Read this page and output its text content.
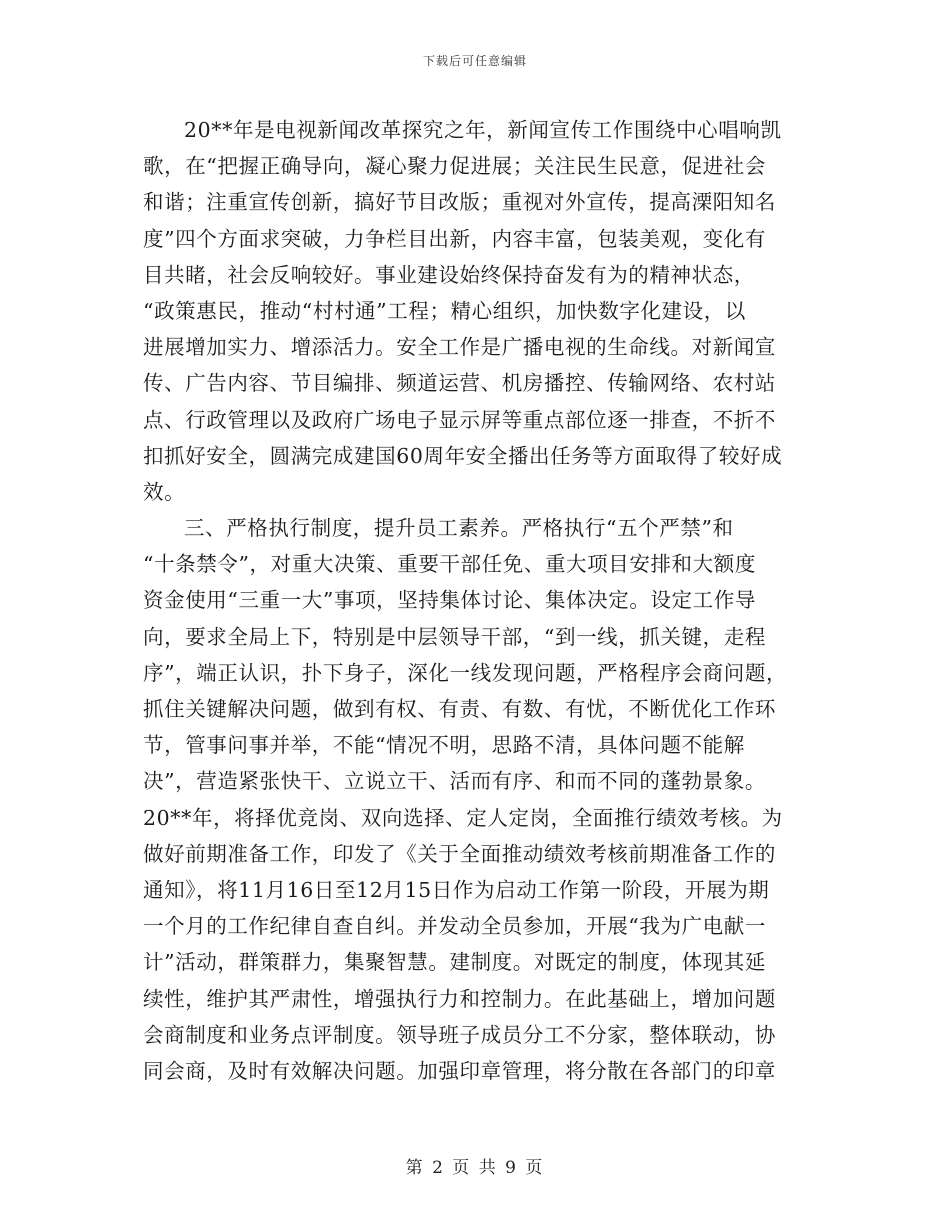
下载后可任意编辑
20**年是电视新闻改革探究之年，新闻宣传工作围绕中心唱响凯
歌，在“把握正确导向，凝心聚力促进展；关注民生民意，促进社会
和谐；注重宣传创新，搞好节目改版；重视对外宣传，提高溧阳知名
度”四个方面求突破，力争栏目出新，内容丰富，包装美观，变化有
目共睹，社会反响较好。事业建设始终保持奋发有为的精神状态，
“政策惠民，推动“村村通”工程；精心组织，加快数字化建设，以
进展增加实力、增添活力。安全工作是广播电视的生命线。对新闻宣
传、广告内容、节目编排、频道运营、机房播控、传输网络、农村站
点、行政管理以及政府广场电子显示屏等重点部位逐一排查，不折不
扣抓好安全，圆满完成建国60周年安全播出任务等方面取得了较好成
效。
三、严格执行制度，提升员工素养。严格执行“五个严禁”和
“十条禁令”，对重大决策、重要干部任免、重大项目安排和大额度
资金使用“三重一大”事项，坚持集体讨论、集体决定。设定工作导
向，要求全局上下，特别是中层领导干部，“到一线，抓关键，走程
序”，端正认识，扑下身子，深化一线发现问题，严格程序会商问题，
抓住关键解决问题，做到有权、有责、有数、有忧，不断优化工作环
节，管事问事并举，不能“情况不明，思路不清，具体问题不能解
决”，营造紧张快干、立说立干、活而有序、和而不同的蓬勃景象。
20**年，将择优竞岗、双向选择、定人定岗，全面推行绩效考核。为
做好前期准备工作，印发了《关于全面推动绩效考核前期准备工作的
通知》，将11月16日至12月15日作为启动工作第一阶段，开展为期
一个月的工作纪律自查自纠。并发动全员参加，开展“我为广电献一
计”活动，群策群力，集聚智慧。建制度。对既定的制度，体现其延
续性，维护其严肃性，增强执行力和控制力。在此基础上，增加问题
会商制度和业务点评制度。领导班子成员分工不分家，整体联动，协
同会商，及时有效解决问题。加强印章管理，将分散在各部门的印章
第 2 页 共 9 页
